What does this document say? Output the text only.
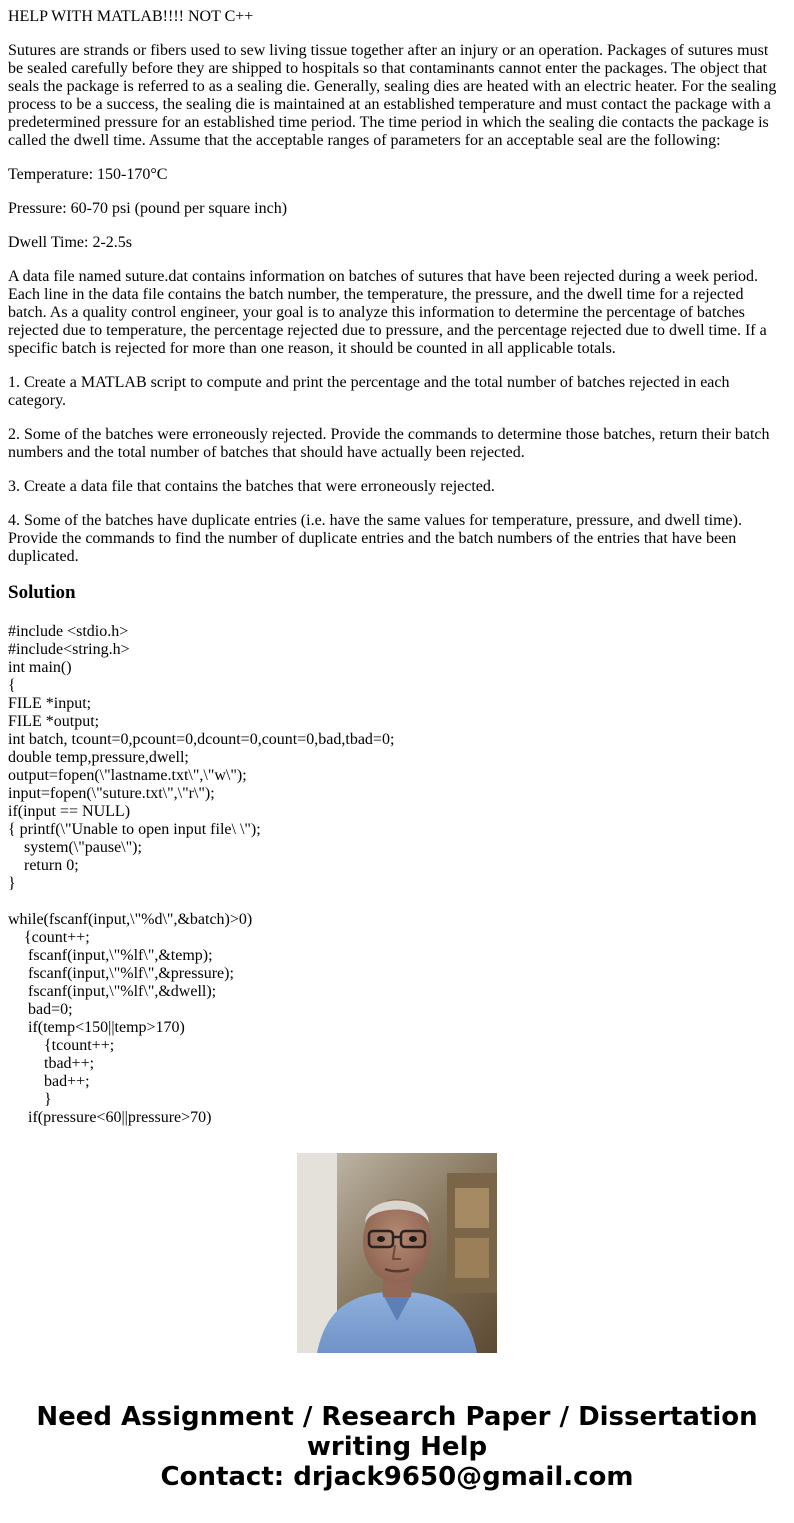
HELP WITH MATLAB!!!! NOT C++

Sutures are strands or fibers used to sew living tissue together after an injury or an operation. Packages of sutures must be sealed carefully before they are shipped to hospitals so that contaminants cannot enter the packages. The object that seals the package is referred to as a sealing die. Generally, sealing dies are heated with an electric heater. For the sealing process to be a success, the sealing die is maintained at an established temperature and must contact the package with a predetermined pressure for an established time period. The time period in which the sealing die contacts the package is called the dwell time. Assume that the acceptable ranges of parameters for an acceptable seal are the following:

Temperature: 150-170°C

Pressure: 60-70 psi (pound per square inch)

Dwell Time: 2-2.5s

A data file named suture.dat contains information on batches of sutures that have been rejected during a week period. Each line in the data file contains the batch number, the temperature, the pressure, and the dwell time for a rejected batch. As a quality control engineer, your goal is to analyze this information to determine the percentage of batches rejected due to temperature, the percentage rejected due to pressure, and the percentage rejected due to dwell time. If a specific batch is rejected for more than one reason, it should be counted in all applicable totals.

1. Create a MATLAB script to compute and print the percentage and the total number of batches rejected in each category.

2. Some of the batches were erroneously rejected. Provide the commands to determine those batches, return their batch numbers and the total number of batches that should have actually been rejected.

3. Create a data file that contains the batches that were erroneously rejected.

4. Some of the batches have duplicate entries (i.e. have the same values for temperature, pressure, and dwell time). Provide the commands to find the number of duplicate entries and the batch numbers of the entries that have been duplicated.

Solution
#include <stdio.h>
#include<string.h>
int main()
{
FILE *input;
FILE *output;
int batch, tcount=0,pcount=0,dcount=0,count=0,bad,tbad=0;
double temp,pressure,dwell;
output=fopen(\"lastname.txt\",\"w\");
input=fopen(\"suture.txt\",\"r\");
if(input == NULL)
{ printf(\"Unable to open input file\ \");
system(\"pause\");
return 0;
}

while(fscanf(input,\"%d\",&batch)>0)
{count++;
fscanf(input,\"%lf\",&temp);
fscanf(input,\"%lf\",&pressure);
fscanf(input,\"%lf\",&dwell);
bad=0;
if(temp<150||temp>170)
{tcount++;
tbad++;
bad++;
}
if(pressure<60||pressure>70)
Need Assignment / Research Paper / Dissertation
writing Help
Contact: drjack9650@gmail.com
